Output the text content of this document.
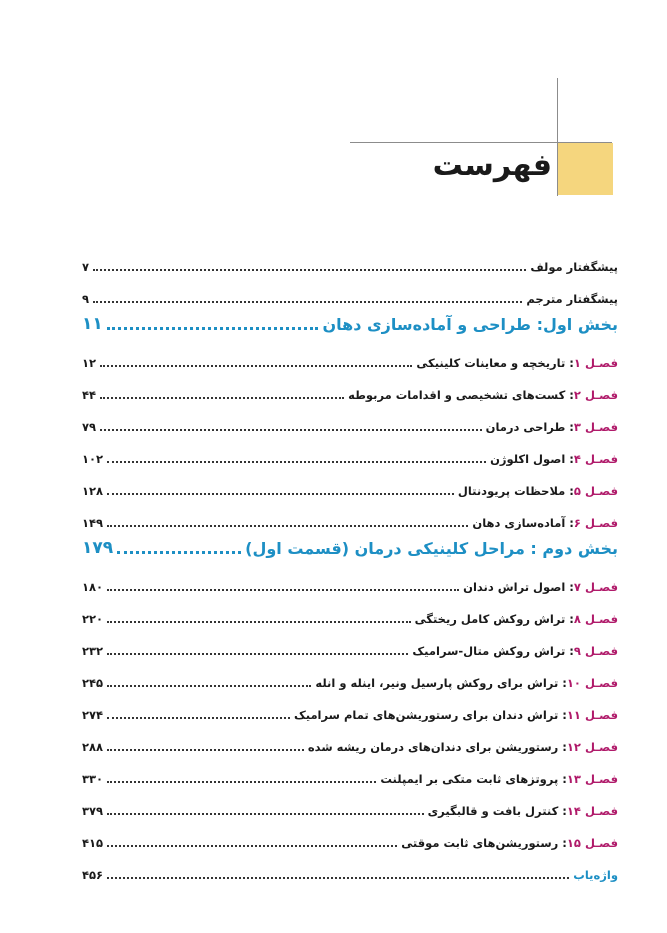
فهرست
پیشگفتار مولف
۷
پیشگفتار مترجم
۹
بخش اول: طراحی و آماده‌سازی دهان
۱۱
فصـل ۱: تاریخچه و معاینات کلینیکی
۱۲
فصـل ۲: کست‌های تشخیصی و اقدامات مربوطه
۴۴
فصـل ۳: طراحی درمان
۷۹
فصـل ۴: اصول اکلوژن
۱۰۲
فصـل ۵: ملاحظات پریودنتال
۱۲۸
فصـل ۶: آماده‌سازی دهان
۱۴۹
بخش دوم : مراحل کلینیکی درمان (قسمت اول)
۱۷۹
فصـل ۷: اصول تراش دندان
۱۸۰
فصـل ۸: تراش روکش کامل ریختگی
۲۲۰
فصـل ۹: تراش روکش متال-سرامیک
۲۳۲
فصـل ۱۰: تراش برای روکش پارسیل ونیر، اینله و انله
۲۴۵
فصـل ۱۱: تراش دندان برای رستوریشن‌های تمام سرامیک
۲۷۴
فصـل ۱۲: رستوریشن برای دندان‌های درمان ریشه شده
۲۸۸
فصـل ۱۳: پروتزهای ثابت متکی بر ایمپلنت
۳۳۰
فصـل ۱۴: کنترل بافت و قالبگیری
۳۷۹
فصـل ۱۵: رستوریشن‌های ثابت موقتی
۴۱۵
واژه‌یاب
۴۵۶
